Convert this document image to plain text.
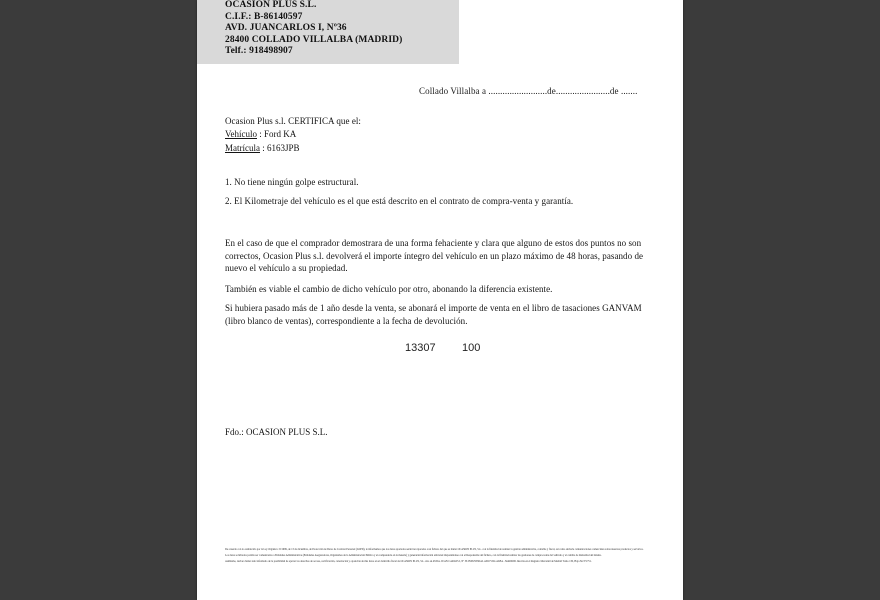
OCASION PLUS S.L.
C.I.F.: B-86140597
AVD. JUANCARLOS I, Nº36
28400 COLLADO VILLALBA (MADRID)
Telf.: 918498907
Collado Villalba a .........................de.......................de .......
Ocasion Plus s.l. CERTIFICA que el:
Vehículo : Ford KA
Matrícula : 6163JPB
1. No tiene ningún golpe estructural.
2. El Kilometraje del vehículo es el que está descrito en el contrato de compra-venta y garantía.
En el caso de que el comprador demostrara de una forma fehaciente y clara que alguno de estos dos puntos no son correctos, Ocasion Plus s.l. devolverá el importe íntegro del vehículo en un plazo máximo de 48 horas, pasando de nuevo el vehículo a su propiedad.
También es viable el cambio de dicho vehículo por otro, abonando la diferencia existente.
Si hubiera pasado más de 1 año desde la venta, se abonará el importe de venta en el libro de tasaciones GANVAM (libro blanco de ventas), correspondiente a la fecha de devolución.
13307 100
Fdo.: OCASION PLUS S.L.

De acuerdo con lo establecido por la Ley Orgánica 15/1999, de 13 de diciembre, de Protección de Datos de Carácter Personal (LOPD), le informamos que los datos aportados serán incorporados a un fichero del que es titular OCASION PLUS, S.L. con la finalidad de realizar la gestión administrativa, contable y fiscal, así como enviarle comunicaciones comerciales sobre nuestros productos y servicios.

Los datos solicitados podrán ser comunicados a Entidades Administrativas (Entidades Aseguradoras, Organismos de la Administración Pública y en competencia en la materia) y generarán información adicional disponiéndose con el Responsable del fichero, con la finalidad realizar las gestiones de compra-venta del vehículo y el cambio de titularidad del mismo.

Asimismo, declaro haber sido informado de la posibilidad de ejercer los derechos de acceso, rectificación, cancelación y oposición de mis datos en el domicilio fiscal de OCASION PLUS, S.L. sito en AVDA. JUAN CARLOS I, Nº 36 INDUSTRIAL ADO VILLALBA - MADRID. Inscrita en el Registro Mercantil de Madrid Tomo 130, Hoja M-371751.
